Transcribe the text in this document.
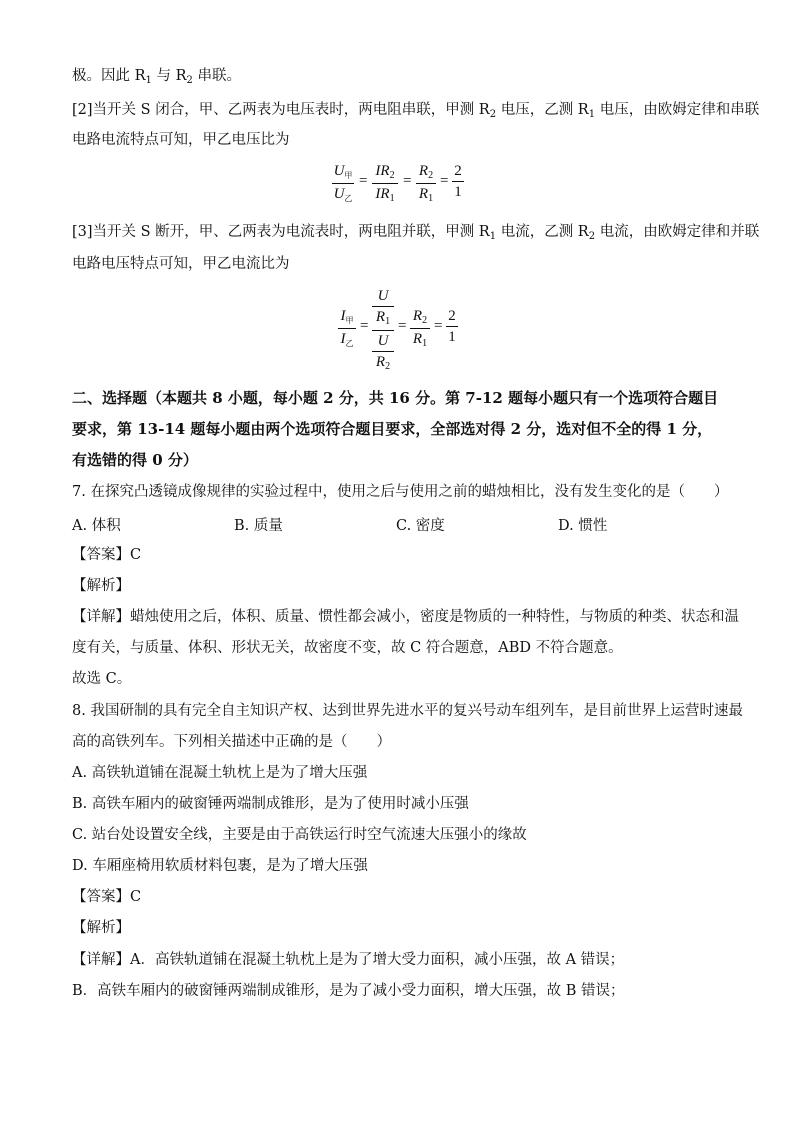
极。因此 $R_1$ 与 $R_2$ 串联。
[2]当开关 S 闭合，甲、乙两表为电压表时，两电阻串联，甲测 $R_2$ 电压，乙测 $R_1$ 电压，由欧姆定律和串联
电路电流特点可知，甲乙电压比为
$U_甲$
$U_乙$
=
$IR_2$
$IR_1$
=
$R_2$
$R_1$
=
2
1
[3]当开关 S 断开，甲、乙两表为电流表时，两电阻并联，甲测 $R_1$ 电流，乙测 $R_2$ 电流，由欧姆定律和并联
电路电压特点可知，甲乙电流比为
$I_甲$
$I_乙$
=
U
$R_1$
U
$R_2$
=
$R_2$
$R_1$
=
2
1
二、选择题（本题共 8 小题，每小题 2 分，共 16 分。第 7-12 题每小题只有一个选项符合题目
要求，第 13-14 题每小题由两个选项符合题目要求，全部选对得 2 分，选对但不全的得 1 分，
有选错的得 0 分）
7. 在探究凸透镜成像规律的实验过程中，使用之后与使用之前的蜡烛相比，没有发生变化的是（　　）
A. 体积	B. 质量	C. 密度	D. 惯性
【答案】C
【解析】
【详解】蜡烛使用之后，体积、质量、惯性都会减小，密度是物质的一种特性，与物质的种类、状态和温
度有关，与质量、体积、形状无关，故密度不变，故 C 符合题意，ABD 不符合题意。
故选 C。
8. 我国研制的具有完全自主知识产权、达到世界先进水平的复兴号动车组列车，是目前世界上运营时速最
高的高铁列车。下列相关描述中正确的是（　　）
A. 高铁轨道铺在混凝土轨枕上是为了增大压强
B. 高铁车厢内的破窗锤两端制成锥形，是为了使用时减小压强
C. 站台处设置安全线，主要是由于高铁运行时空气流速大压强小的缘故
D. 车厢座椅用软质材料包裹，是为了增大压强
【答案】C
【解析】
【详解】A．高铁轨道铺在混凝土轨枕上是为了增大受力面积，减小压强，故 A 错误；
B．高铁车厢内的破窗锤两端制成锥形，是为了减小受力面积，增大压强，故 B 错误；
